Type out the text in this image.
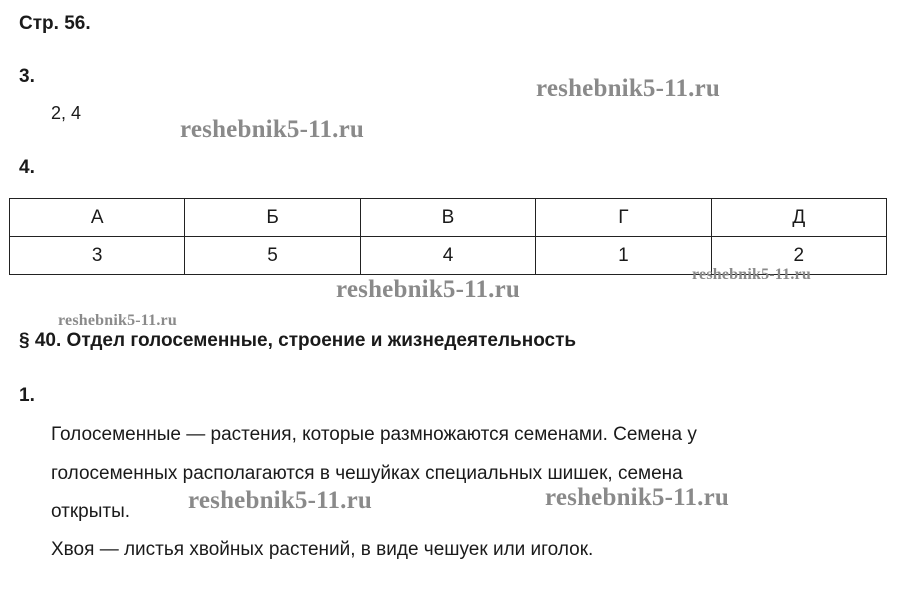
Стр. 56.
3.
2, 4
4.
А	Б	В	Г	Д
3	5	4	1	2
§ 40. Отдел голосеменные, строение и жизнедеятельность
1.
Голосеменные — растения, которые размножаются семенами. Семена у
голосеменных располагаются в чешуйках специальных шишек, семена
открыты.
Хвоя — листья хвойных растений, в виде чешуек или иголок.
reshebnik5-11.ru
reshebnik5-11.ru
reshebnik5-11.ru
reshebnik5-11.ru
reshebnik5-11.ru
reshebnik5-11.ru
reshebnik5-11.ru
